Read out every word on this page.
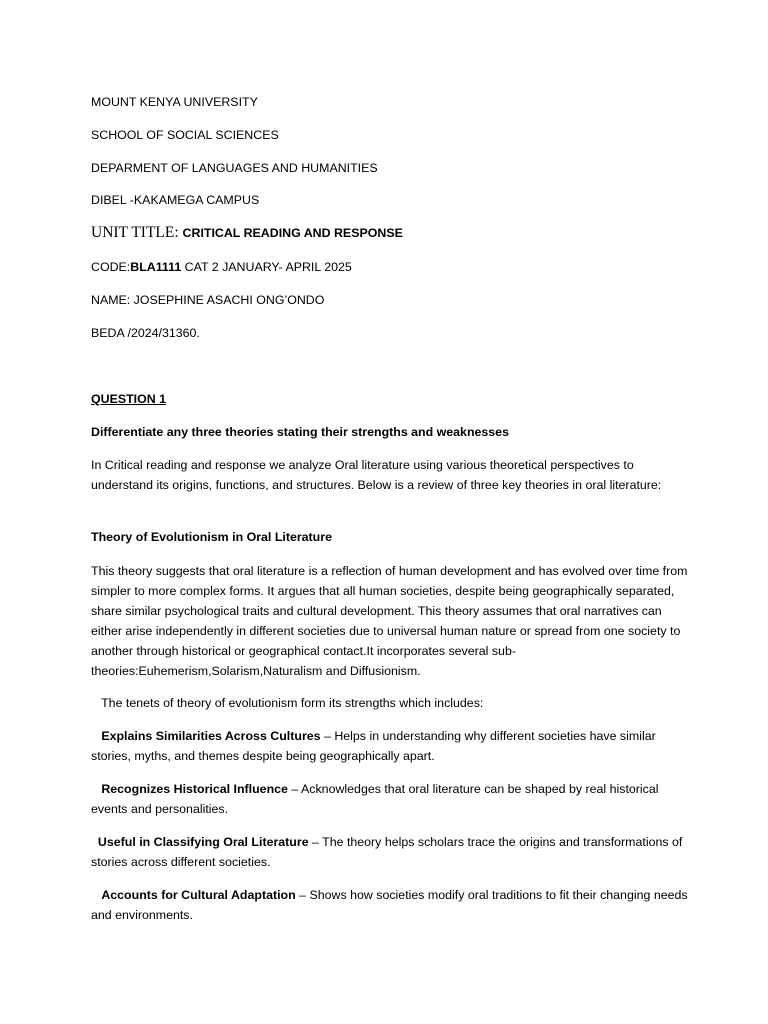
MOUNT KENYA UNIVERSITY

SCHOOL OF SOCIAL SCIENCES

DEPARMENT OF LANGUAGES AND HUMANITIES

DIBEL -KAKAMEGA CAMPUS

UNIT TITLE: CRITICAL READING AND RESPONSE

CODE:BLA1111 CAT 2 JANUARY- APRIL 2025

NAME: JOSEPHINE ASACHI ONG’ONDO

BEDA /2024/31360.

QUESTION 1

Differentiate any three theories stating their strengths and weaknesses

In Critical reading and response we analyze Oral literature using various theoretical perspectives to understand its origins, functions, and structures. Below is a review of three key theories in oral literature:

Theory of Evolutionism in Oral Literature

This theory suggests that oral literature is a reflection of human development and has evolved over time from simpler to more complex forms. It argues that all human societies, despite being geographically separated, share similar psychological traits and cultural development. This theory assumes that oral narratives can either arise independently in different societies due to universal human nature or spread from one society to another through historical or geographical contact.It incorporates several sub-theories:Euhemerism,Solarism,Naturalism and Diffusionism.

The tenets of theory of evolutionism form its strengths which includes:

Explains Similarities Across Cultures – Helps in understanding why different societies have similar stories, myths, and themes despite being geographically apart.

Recognizes Historical Influence – Acknowledges that oral literature can be shaped by real historical events and personalities.

Useful in Classifying Oral Literature – The theory helps scholars trace the origins and transformations of stories across different societies.

Accounts for Cultural Adaptation – Shows how societies modify oral traditions to fit their changing needs and environments.
